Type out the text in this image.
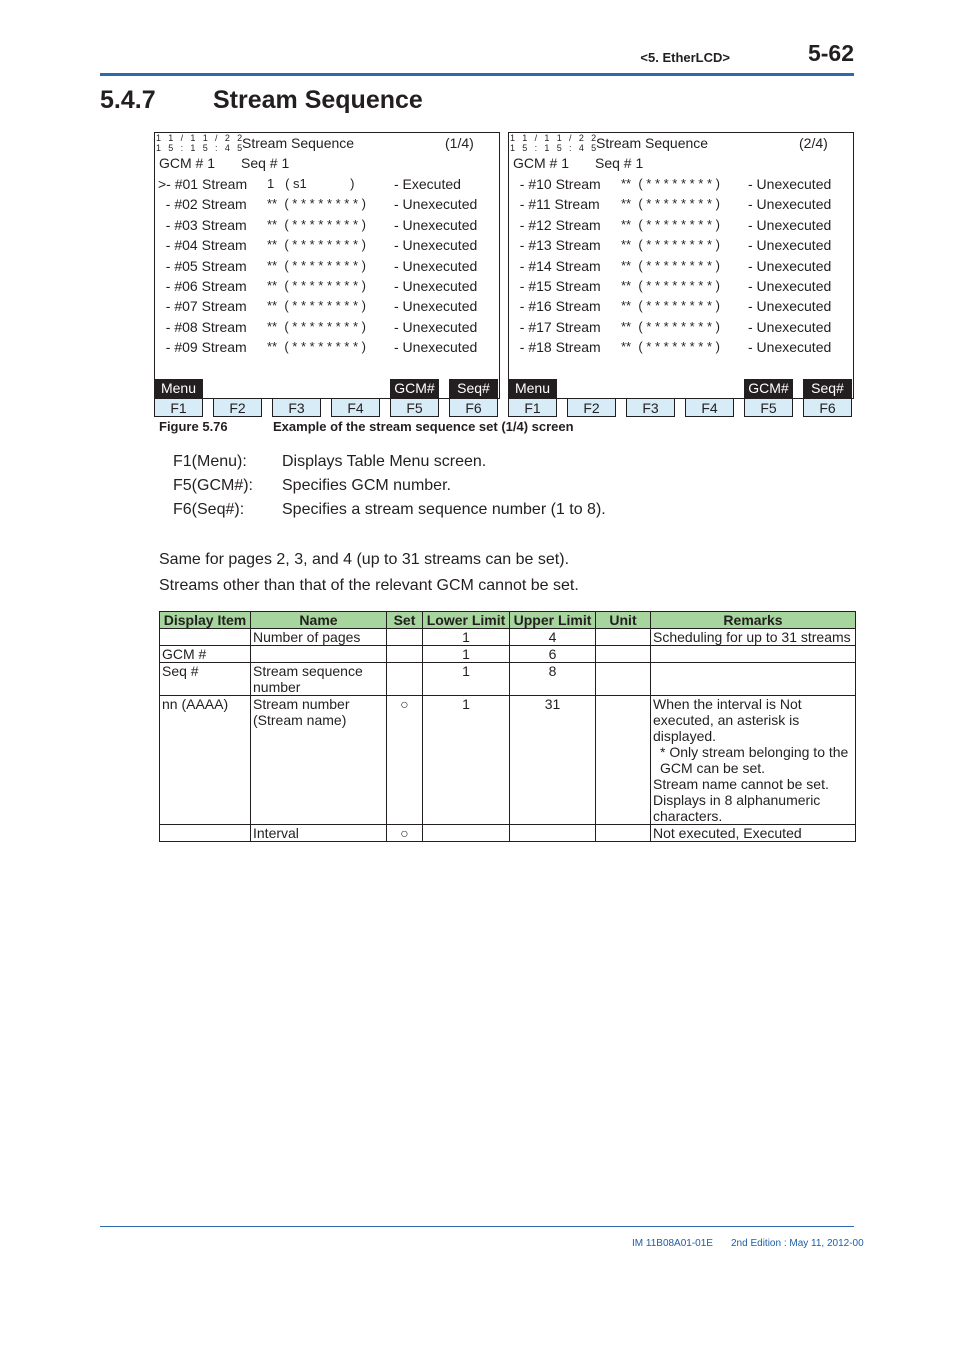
<5. EtherLCD>	5-62
5.4.7 Stream Sequence
1 1 / 1 1 / 2 2
1 5 : 1 5 : 4 5
Stream Sequence	(1/4)
GCM # 1 Seq # 1
>- #01 Stream 1   ( s1            )	- Executed
- #02 Stream **  ( * * * * * * * * ) - Unexecuted
- #03 Stream **  ( * * * * * * * * ) - Unexecuted
- #04 Stream **  ( * * * * * * * * ) - Unexecuted
- #05 Stream **  ( * * * * * * * * ) - Unexecuted
- #06 Stream **  ( * * * * * * * * ) - Unexecuted
- #07 Stream **  ( * * * * * * * * ) - Unexecuted
- #08 Stream **  ( * * * * * * * * ) - Unexecuted
- #09 Stream **  ( * * * * * * * * ) - Unexecuted
Menu	GCM#	Seq#
F1	F2	F3	F4	F5	F6
1 1 / 1 1 / 2 2
1 5 : 1 5 : 4 5
Stream Sequence	(2/4)
GCM # 1 Seq # 1
- #10 Stream **  ( * * * * * * * * ) - Unexecuted
- #11 Stream **  ( * * * * * * * * ) - Unexecuted
- #12 Stream **  ( * * * * * * * * ) - Unexecuted
- #13 Stream **  ( * * * * * * * * ) - Unexecuted
- #14 Stream **  ( * * * * * * * * ) - Unexecuted
- #15 Stream **  ( * * * * * * * * ) - Unexecuted
- #16 Stream **  ( * * * * * * * * ) - Unexecuted
- #17 Stream **  ( * * * * * * * * ) - Unexecuted
- #18 Stream **  ( * * * * * * * * ) - Unexecuted
Menu	GCM#	Seq#
F1	F2	F3	F4	F5	F6
Figure 5.76	Example of the stream sequence set (1/4) screen
F1(Menu): Displays Table Menu screen.
F5(GCM#): Specifies GCM number.
F6(Seq#): Specifies a stream sequence number (1 to 8).
Same for pages 2, 3, and 4 (up to 31 streams can be set).
Streams other than that of the relevant GCM cannot be set.
Display Item	Name	Set	Lower Limit	Upper Limit	Unit	Remarks
	Number of pages		1	4		Scheduling for up to 31 streams

GCM #			1	6		

Seq #	Stream sequence number		1	8		

nn (AAAA)	Stream number (Stream name)	○	1	31		When the interval is Not executed, an asterisk is displayed.
* Only stream belonging to the GCM can be set.
Stream name cannot be set.
Displays in 8 alphanumeric characters.

	Interval	○				Not executed, Executed
IM 11B08A01-01E 2nd Edition : May 11, 2012-00
